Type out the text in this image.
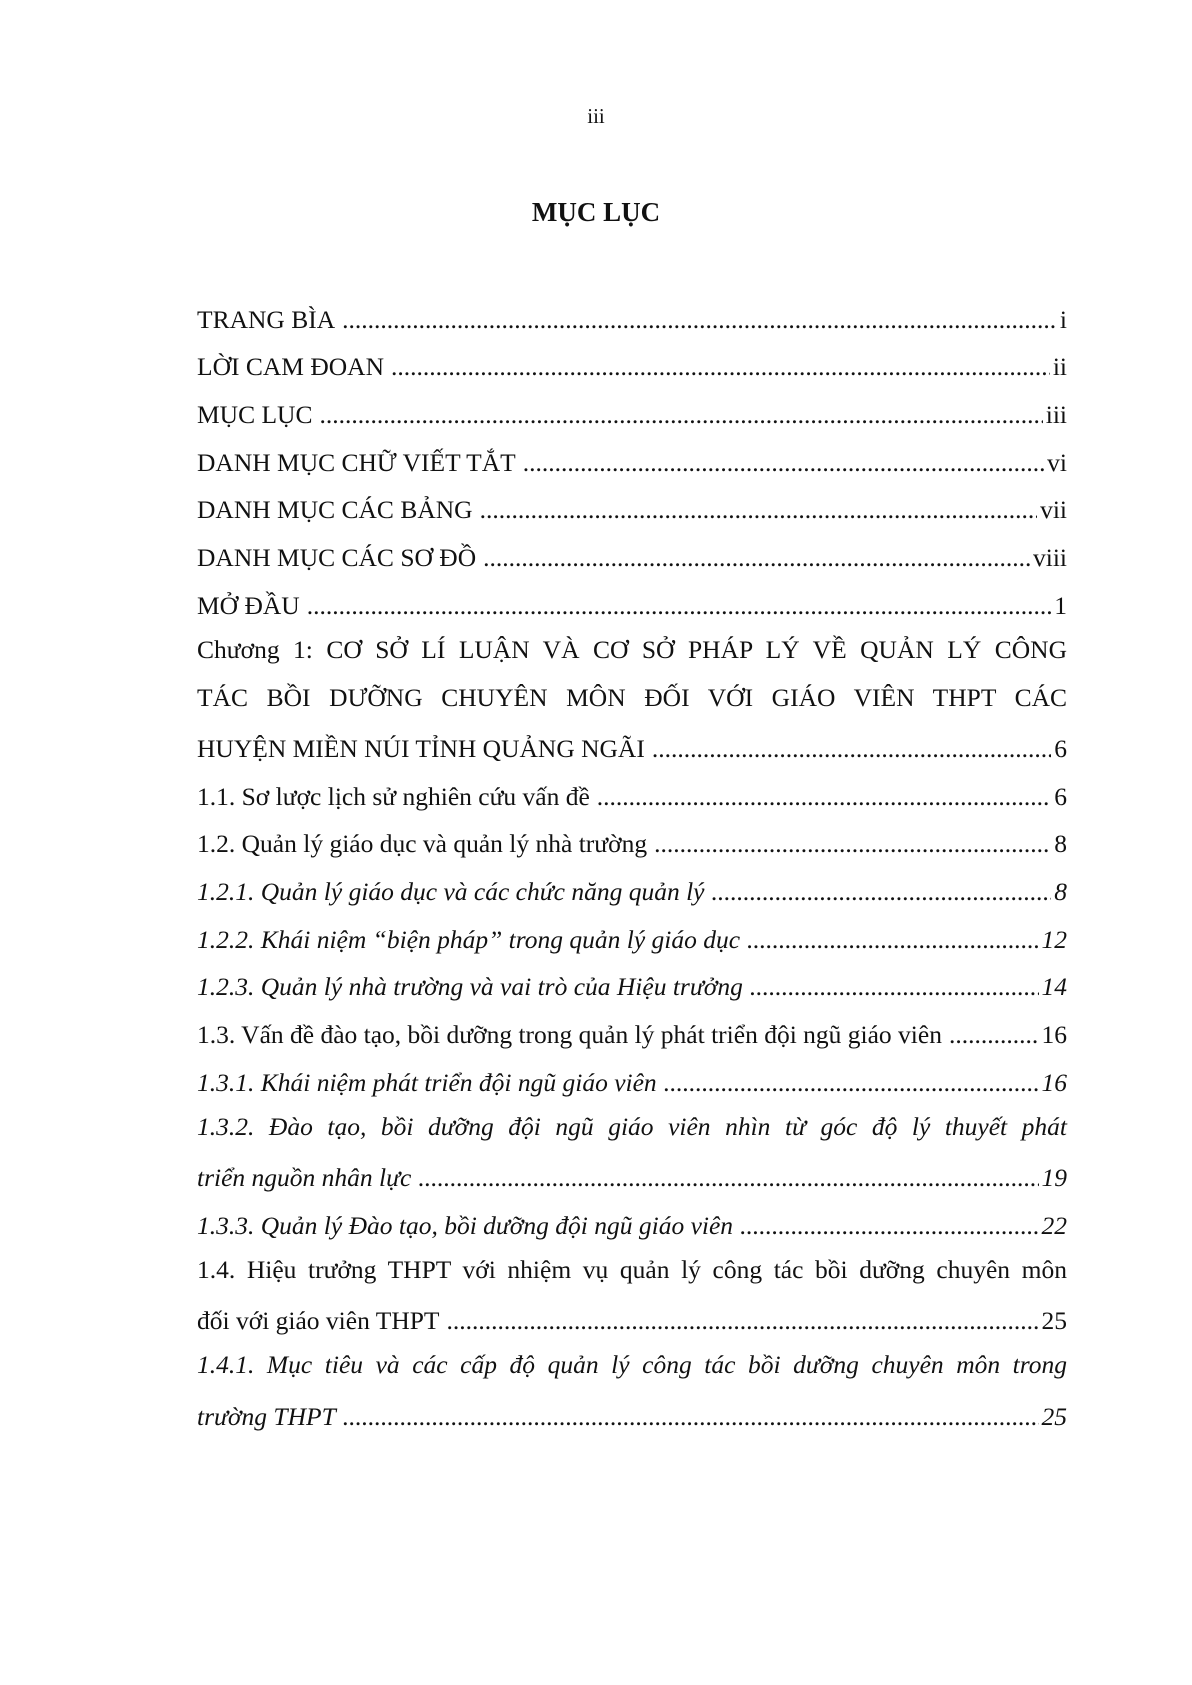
iii
MỤC LỤC
TRANG BÌA .....	i
LỜI CAM ĐOAN .....	ii
MỤC LỤC .....	iii
DANH MỤC CHỮ VIẾT TẮT .....	vi
DANH MỤC CÁC BẢNG .....	vii
DANH MỤC CÁC SƠ ĐỒ .....	viii
MỞ ĐẦU .....	1
Chương 1: CƠ SỞ LÍ LUẬN VÀ CƠ SỞ PHÁP LÝ VỀ QUẢN LÝ CÔNG
TÁC BỒI DƯỠNG CHUYÊN MÔN ĐỐI VỚI GIÁO VIÊN THPT CÁC
HUYỆN MIỀN NÚI TỈNH QUẢNG NGÃI .....	6
1.1. Sơ lược lịch sử nghiên cứu vấn đề .....	6
1.2. Quản lý giáo dục và quản lý nhà trường .....	8
1.2.1. Quản lý giáo dục và các chức năng quản lý .....	8
1.2.2. Khái niệm “biện pháp” trong quản lý giáo dục .....	12
1.2.3. Quản lý nhà trường và vai trò của Hiệu trưởng .....	14
1.3. Vấn đề đào tạo, bồi dưỡng trong quản lý phát triển đội ngũ giáo viên .....	16
1.3.1. Khái niệm phát triển đội ngũ giáo viên .....	16
1.3.2. Đào tạo, bồi dưỡng đội ngũ giáo viên nhìn từ góc độ lý thuyết phát
triển nguồn nhân lực .....	19
1.3.3. Quản lý Đào tạo, bồi dưỡng đội ngũ giáo viên .....	22
1.4. Hiệu trưởng THPT với nhiệm vụ quản lý công tác bồi dưỡng chuyên môn
đối với giáo viên THPT .....	25
1.4.1. Mục tiêu và các cấp độ quản lý công tác bồi dưỡng chuyên môn trong
trường THPT .....	25
